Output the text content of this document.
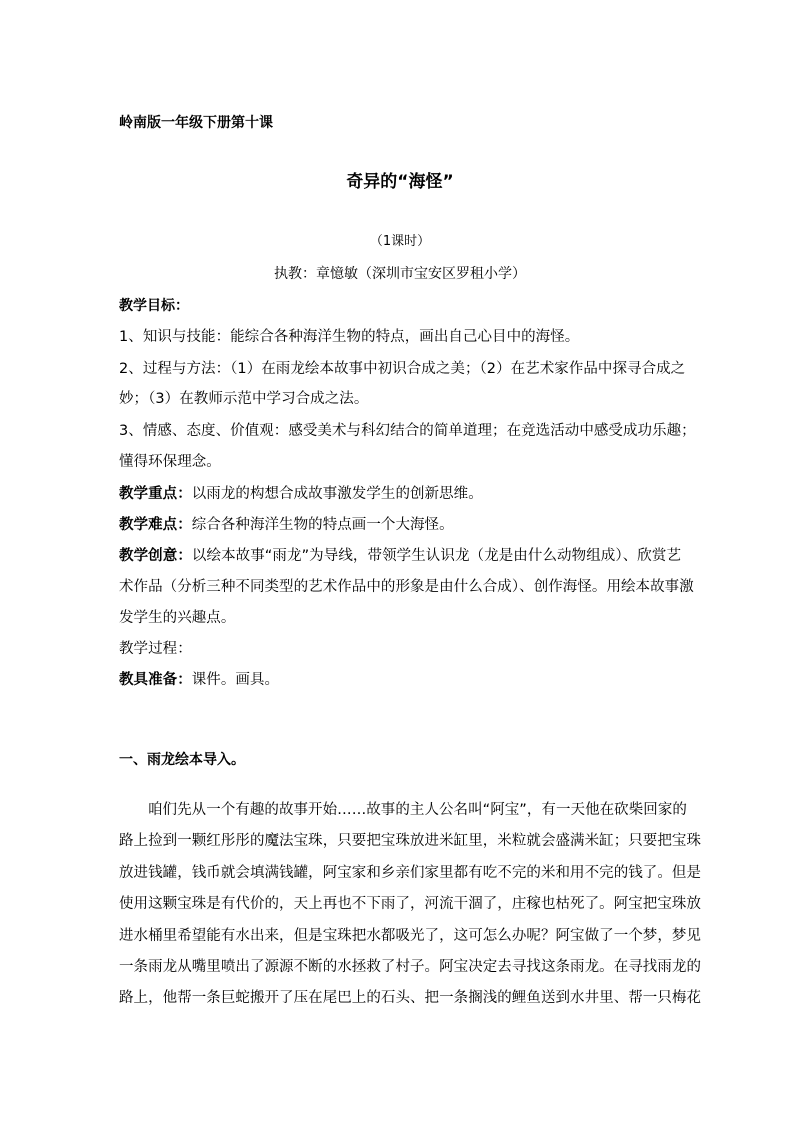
岭南版一年级下册第十课
奇异的“海怪”
（1课时）
执教：章憶敏（深圳市宝安区罗租小学）
教学目标：
1、知识与技能：能综合各种海洋生物的特点，画出自己心目中的海怪。
2、过程与方法：（1）在雨龙绘本故事中初识合成之美；（2）在艺术家作品中探寻合成之
妙；（3）在教师示范中学习合成之法。
3、情感、态度、价值观：感受美术与科幻结合的简单道理；在竞选活动中感受成功乐趣；
懂得环保理念。
教学重点：以雨龙的构想合成故事激发学生的创新思维。
教学难点：综合各种海洋生物的特点画一个大海怪。
教学创意：以绘本故事“雨龙”为导线，带领学生认识龙（龙是由什么动物组成）、欣赏艺
术作品（分析三种不同类型的艺术作品中的形象是由什么合成）、创作海怪。用绘本故事激
发学生的兴趣点。
教学过程：
教具准备：课件。画具。
一、雨龙绘本导入。
咱们先从一个有趣的故事开始……故事的主人公名叫“阿宝”，有一天他在砍柴回家的
路上捡到一颗红彤彤的魔法宝珠，只要把宝珠放进米缸里，米粒就会盛满米缸；只要把宝珠
放进钱罐，钱币就会填满钱罐，阿宝家和乡亲们家里都有吃不完的米和用不完的钱了。但是
使用这颗宝珠是有代价的，天上再也不下雨了，河流干涸了，庄稼也枯死了。阿宝把宝珠放
进水桶里希望能有水出来，但是宝珠把水都吸光了，这可怎么办呢？阿宝做了一个梦，梦见
一条雨龙从嘴里喷出了源源不断的水拯救了村子。阿宝决定去寻找这条雨龙。在寻找雨龙的
路上，他帮一条巨蛇搬开了压在尾巴上的石头、把一条搁浅的鲤鱼送到水井里、帮一只梅花
